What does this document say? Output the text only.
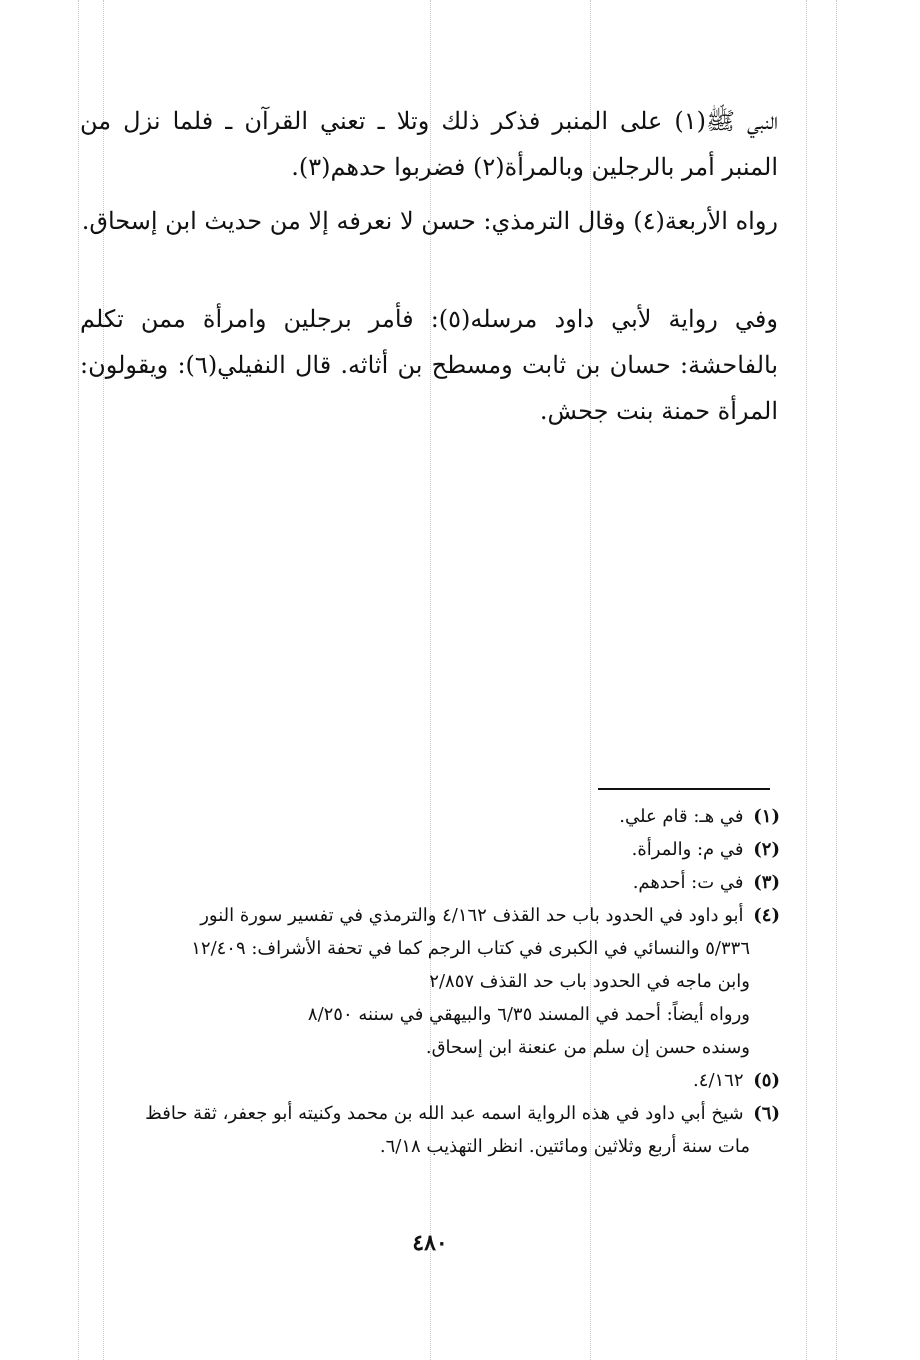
النبي ﷺ(١) على المنبر فذكر ذلك وتلا ـ تعني القرآن ـ فلما نزل من المنبر أمر بالرجلين وبالمرأة(٢) فضربوا حدهم(٣).

رواه الأربعة(٤) وقال الترمذي: حسن لا نعرفه إلا من حديث ابن إسحاق.

وفي رواية لأبي داود مرسله(٥): فأمر برجلين وامرأة ممن تكلم بالفاحشة: حسان بن ثابت ومسطح بن أثاثه. قال النفيلي(٦): ويقولون: المرأة حمنة بنت جحش.

(١) في هـ: قام علي.

(٢) في م: والمرأة.

(٣) في ت: أحدهم.

(٤) أبو داود في الحدود باب حد القذف ٤/١٦٢ والترمذي في تفسير سورة النور
٥/٣٣٦ والنسائي في الكبرى في كتاب الرجم كما في تحفة الأشراف: ١٢/٤٠٩
وابن ماجه في الحدود باب حد القذف ٢/٨٥٧
ورواه أيضاً: أحمد في المسند ٦/٣٥ والبيهقي في سننه ٨/٢٥٠
وسنده حسن إن سلم من عنعنة ابن إسحاق.

(٥) ٤/١٦٢.

(٦) شيخ أبي داود في هذه الرواية اسمه عبد الله بن محمد وكنيته أبو جعفر، ثقة حافظ
مات سنة أربع وثلاثين ومائتين. انظر التهذيب ٦/١٨.

٤٨٠
